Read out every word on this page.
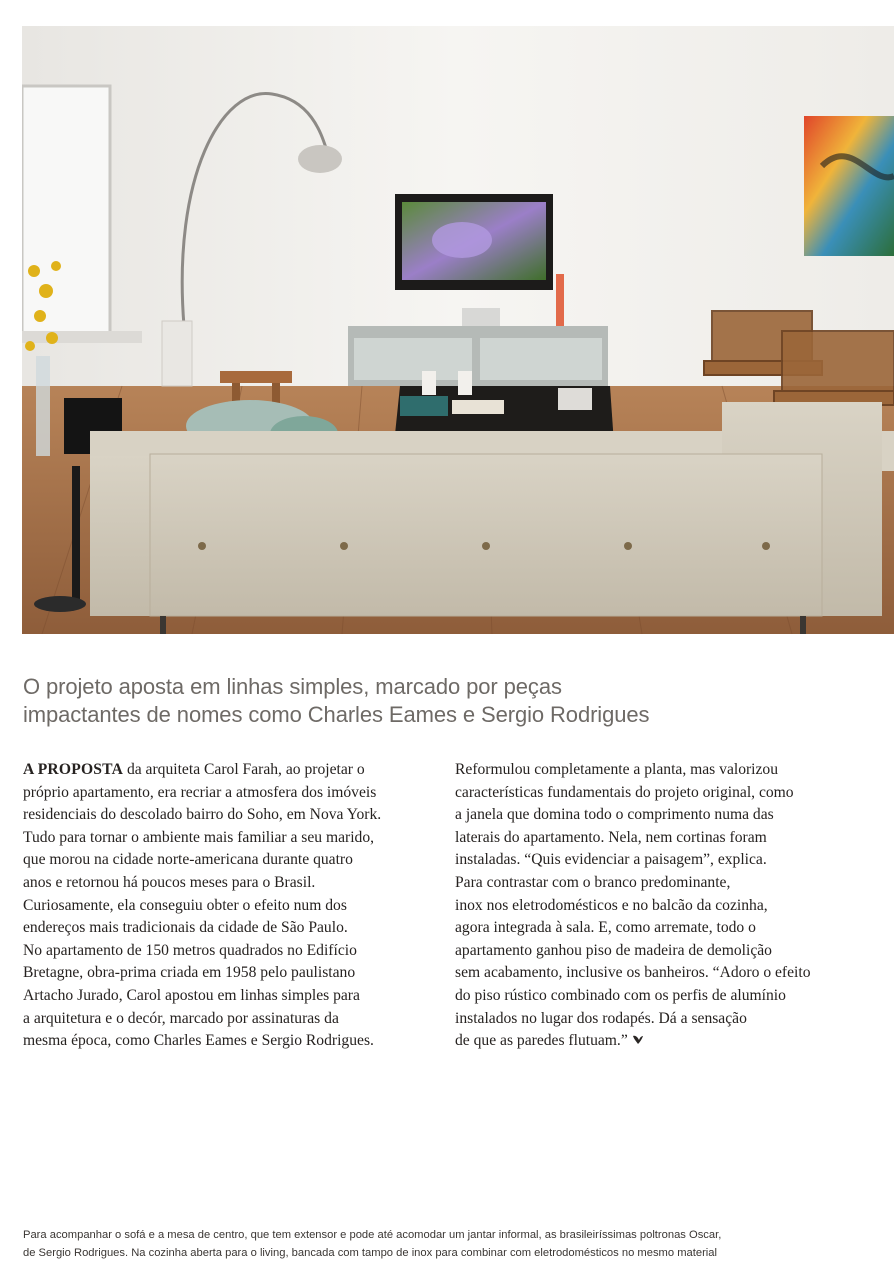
O projeto aposta em linhas simples, marcado por peças
impactantes de nomes como Charles Eames e Sergio Rodrigues
A PROPOSTA da arquiteta Carol Farah, ao projetar o
próprio apartamento, era recriar a atmosfera dos imóveis
residenciais do descolado bairro do Soho, em Nova York.
Tudo para tornar o ambiente mais familiar a seu marido,
que morou na cidade norte-americana durante quatro
anos e retornou há poucos meses para o Brasil.
Curiosamente, ela conseguiu obter o efeito num dos
endereços mais tradicionais da cidade de São Paulo.
No apartamento de 150 metros quadrados no Edifício
Bretagne, obra-prima criada em 1958 pelo paulistano
Artacho Jurado, Carol apostou em linhas simples para
a arquitetura e o decór, marcado por assinaturas da
mesma época, como Charles Eames e Sergio Rodrigues.
Reformulou completamente a planta, mas valorizou
características fundamentais do projeto original, como
a janela que domina todo o comprimento numa das
laterais do apartamento. Nela, nem cortinas foram
instaladas. “Quis evidenciar a paisagem”, explica.
Para contrastar com o branco predominante,
inox nos eletrodomésticos e no balcão da cozinha,
agora integrada à sala. E, como arremate, todo o
apartamento ganhou piso de madeira de demolição
sem acabamento, inclusive os banheiros. “Adoro o efeito
do piso rústico combinado com os perfis de alumínio
instalados no lugar dos rodapés. Dá a sensação
de que as paredes flutuam.”
Para acompanhar o sofá e a mesa de centro, que tem extensor e pode até acomodar um jantar informal, as brasileiríssimas poltronas Oscar,
de Sergio Rodrigues. Na cozinha aberta para o living, bancada com tampo de inox para combinar com eletrodomésticos no mesmo material
